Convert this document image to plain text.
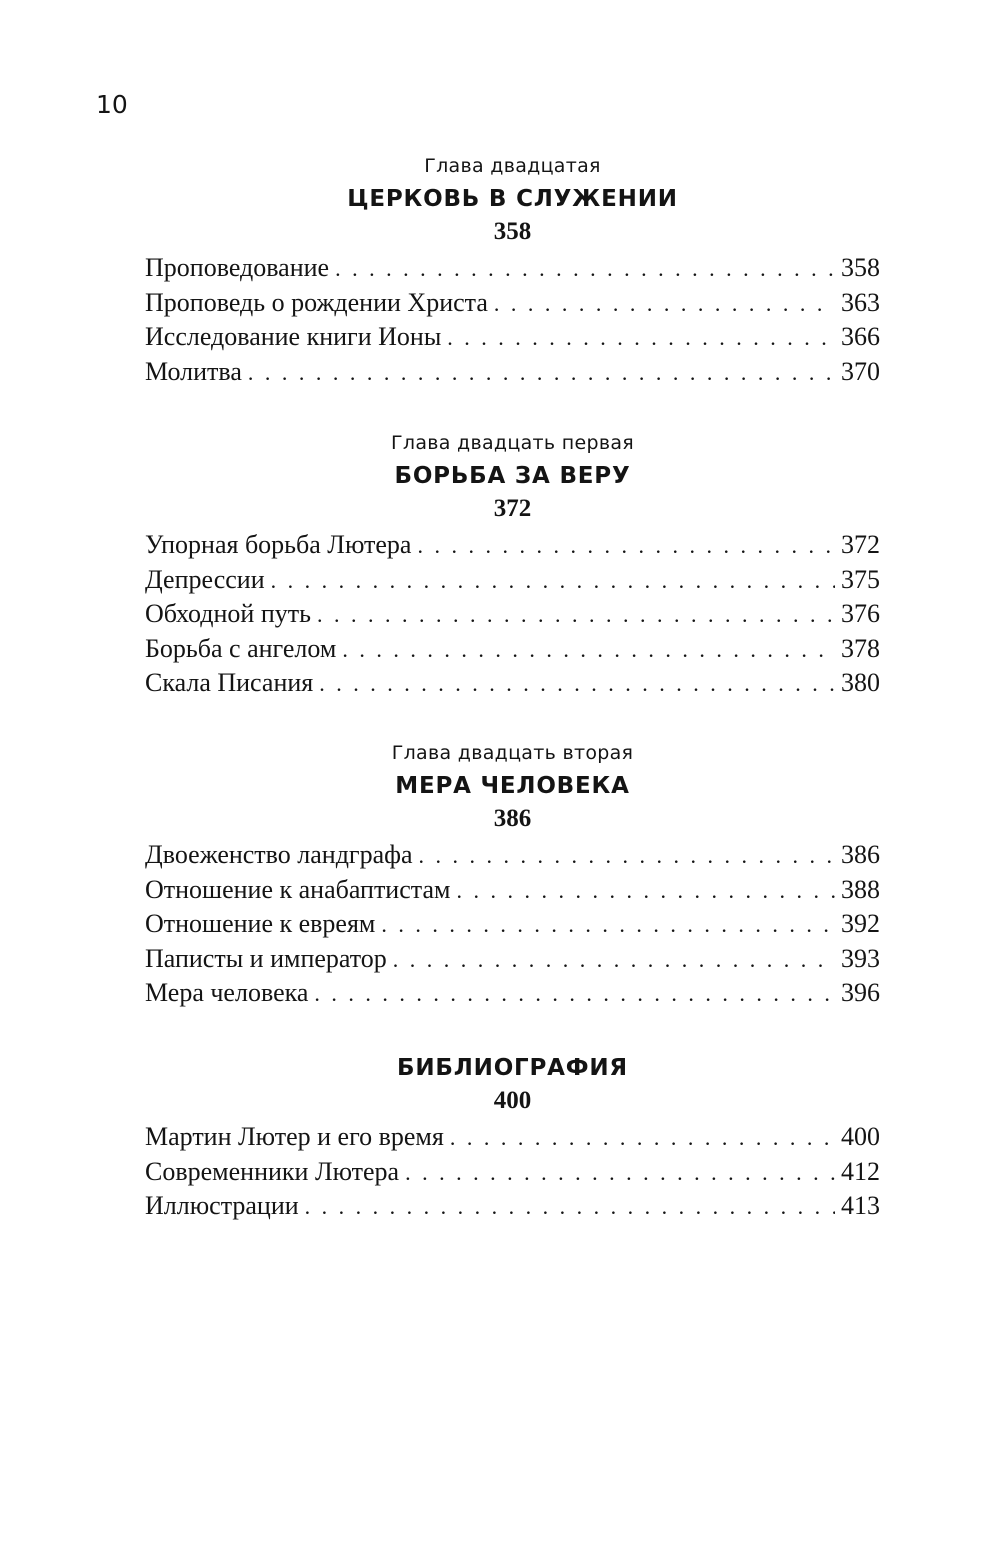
10
Глава двадцатая
ЦЕРКОВЬ В СЛУЖЕНИИ
358
Проповедование . . .	358
Проповедь о рождении Христа . . .	363
Исследование книги Ионы . . .	366
Молитва . . .	370
Глава двадцать первая
БОРЬБА ЗА ВЕРУ
372
Упорная борьба Лютера . . .	372
Депрессии . . .	375
Обходной путь . . .	376
Борьба с ангелом . . .	378
Скала Писания . . .	380
Глава двадцать вторая
МЕРА ЧЕЛОВЕКА
386
Двоеженство ландграфа . . .	386
Отношение к анабаптистам . . .	388
Отношение к евреям . . .	392
Паписты и император . . .	393
Мера человека . . .	396
БИБЛИОГРАФИЯ
400
Мартин Лютер и его время . . .	400
Современники Лютера . . .	412
Иллюстрации . . .	413
